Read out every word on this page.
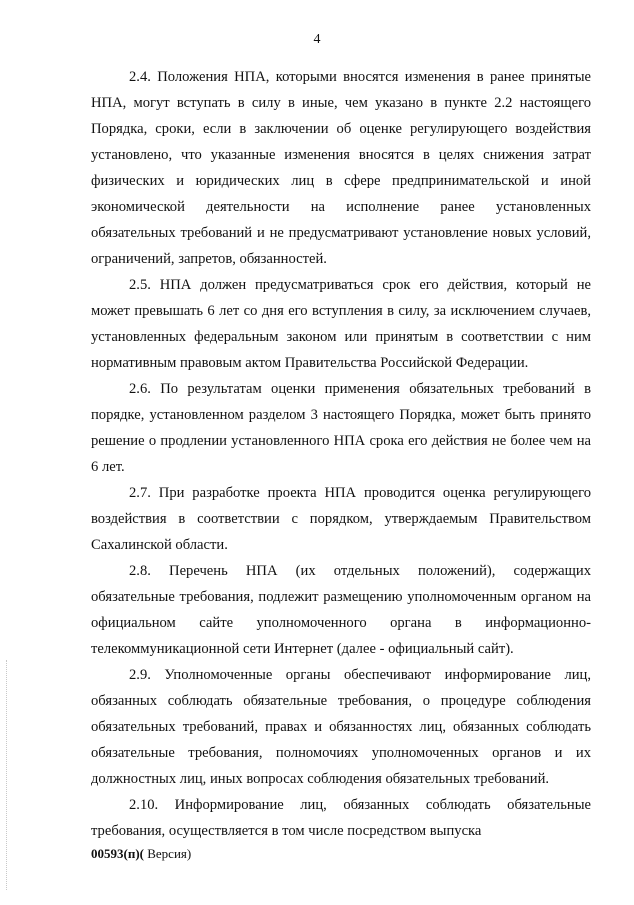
4

2.4. Положения НПА, которыми вносятся изменения в ранее принятые НПА, могут вступать в силу в иные, чем указано в пункте 2.2 настоящего Порядка, сроки, если в заключении об оценке регулирующего воздействия установлено, что указанные изменения вносятся в целях снижения затрат физических и юридических лиц в сфере предпринимательской и иной экономической деятельности на исполнение ранее установленных обязательных требований и не предусматривают установление новых условий, ограничений, запретов, обязанностей.

2.5. НПА должен предусматриваться срок его действия, который не может превышать 6 лет со дня его вступления в силу, за исключением случаев, установленных федеральным законом или принятым в соответствии с ним нормативным правовым актом Правительства Российской Федерации.

2.6. По результатам оценки применения обязательных требований в порядке, установленном разделом 3 настоящего Порядка, может быть принято решение о продлении установленного НПА срока его действия не более чем на 6 лет.

2.7. При разработке проекта НПА проводится оценка регулирующего воздействия в соответствии с порядком, утверждаемым Правительством Сахалинской области.

2.8. Перечень НПА (их отдельных положений), содержащих обязательные требования, подлежит размещению уполномоченным органом на официальном сайте уполномоченного органа в информационно-телекоммуникационной сети Интернет (далее - официальный сайт).

2.9. Уполномоченные органы обеспечивают информирование лиц, обязанных соблюдать обязательные требования, о процедуре соблюдения обязательных требований, правах и обязанностях лиц, обязанных соблюдать обязательные требования, полномочиях уполномоченных органов и их должностных лиц, иных вопросах соблюдения обязательных требований.

2.10. Информирование лиц, обязанных соблюдать обязательные требования, осуществляется в том числе посредством выпуска

00593(п)( Версия)
